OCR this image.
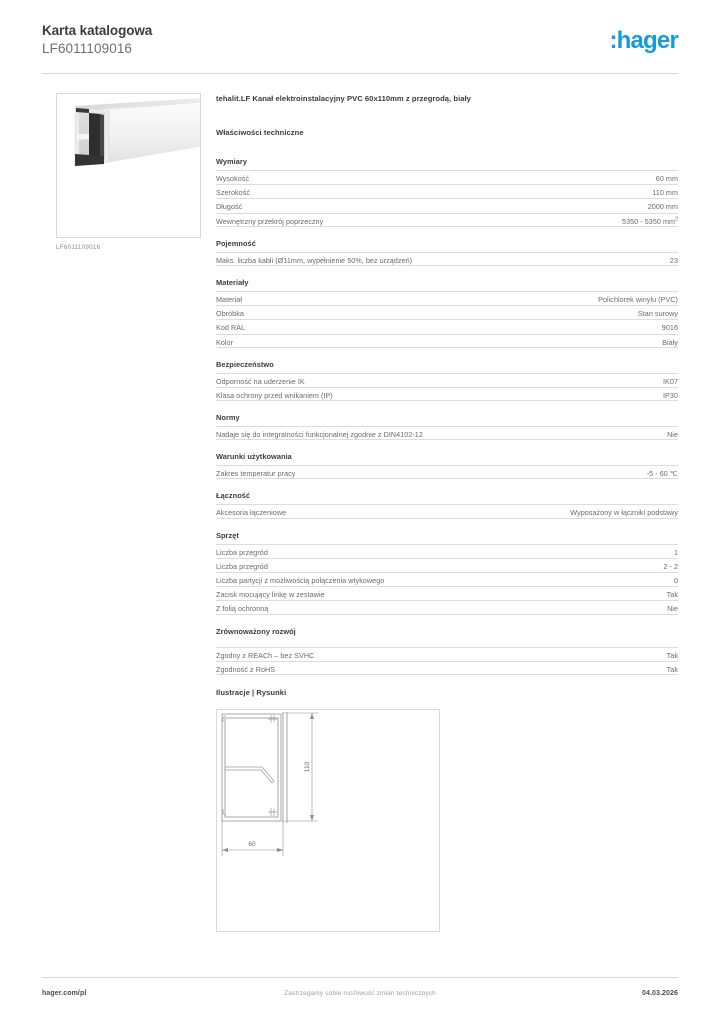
Karta katalogowa
LF6011109016	:hager
LF6011109016
tehalit.LF Kanał elektroinstalacyjny PVC 60x110mm z przegrodą, biały
Właściwości techniczne
Wymiary
Wysokość	60 mm
Szerokość	110 mm
Długość	2000 mm
Wewnętrzny przekrój poprzeczny	5350 - 5350 $mm^2$
Pojemność
Maks. liczba kabli (Ø11mm, wypełnienie 50%, bez urządzeń)	23
Materiały
Materiał	Polichlorek winylu (PVC)
Obróbka	Stan surowy
Kod RAL	9016
Kolor	Biały
Bezpieczeństwo
Odporność na uderzenie IK	IK07
Klasa ochrony przed wnikaniem (IP)	IP30
Normy
Nadaje się do integralności funkcjonalnej zgodnie z DIN4102-12	Nie
Warunki użytkowania
Zakres temperatur pracy	-5 - 60 ℃
Łączność
Akcesoria łączeniowe	Wyposażony w łączniki podstawy
Sprzęt
Liczba przegród	1
Liczba przegród	2 - 2
Liczba partycji z możliwością połączenia wtykowego	0
Zacisk mocujący linkę w zestawie	Tak
Z folią ochronną	Nie
Zrównoważony rozwój
Zgodny z REACh – bez SVHC	Tak
Zgodność z RoHS	Tak
Ilustracje | Rysunki
110
60
hager.com/pl	Zastrzegamy sobie możliwość zmian technicznych	04.03.2026
